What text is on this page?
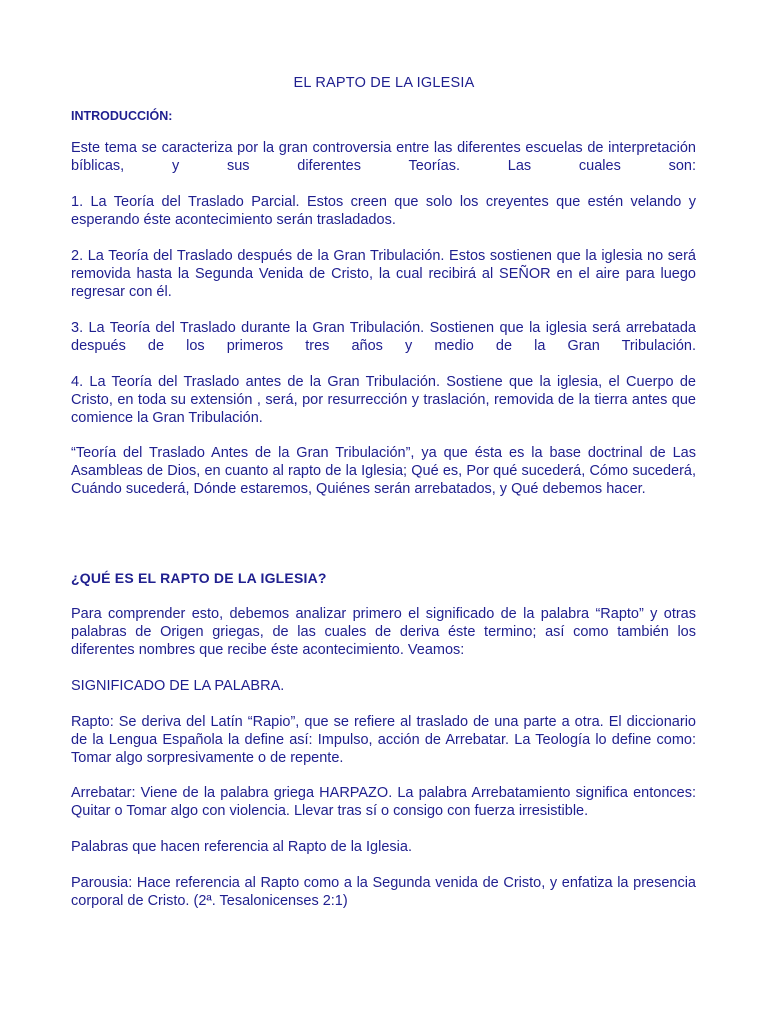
EL RAPTO DE LA IGLESIA
INTRODUCCIÓN:
Este tema se caracteriza por la gran controversia entre las diferentes escuelas de interpretación bíblicas, y sus diferentes Teorías. Las cuales son:
1. La Teoría del Traslado Parcial. Estos creen que solo los creyentes que estén velando y esperando éste acontecimiento serán trasladados.
2. La Teoría del Traslado después de la Gran Tribulación. Estos sostienen que la iglesia no será removida hasta la Segunda Venida de Cristo, la cual recibirá al SEÑOR en el aire para luego regresar con él.
3. La Teoría del Traslado durante la Gran Tribulación. Sostienen que la iglesia será arrebatada después de los primeros tres años y medio de la Gran Tribulación.
4. La Teoría del Traslado antes de la Gran Tribulación. Sostiene que la iglesia, el Cuerpo de Cristo, en toda su extensión , será, por resurrección y traslación, removida de la tierra antes que comience la Gran Tribulación.
“Teoría del Traslado Antes de la Gran Tribulación”, ya que ésta es la base doctrinal de Las Asambleas de Dios, en cuanto al rapto de la Iglesia; Qué es, Por qué sucederá, Cómo sucederá, Cuándo sucederá, Dónde estaremos, Quiénes serán arrebatados, y Qué debemos hacer.
¿QUÉ ES EL RAPTO DE LA IGLESIA?
Para comprender esto, debemos analizar primero el significado de la palabra “Rapto” y otras palabras de Origen griegas, de las cuales de deriva éste termino; así como también los diferentes nombres que recibe éste acontecimiento. Veamos:
SIGNIFICADO DE LA PALABRA.
Rapto: Se deriva del Latín “Rapio”, que se refiere al traslado de una parte a otra. El diccionario de la Lengua Española la define así: Impulso, acción de Arrebatar. La Teología lo define como: Tomar algo sorpresivamente o de repente.
Arrebatar: Viene de la palabra griega HARPAZO. La palabra Arrebatamiento significa entonces: Quitar o Tomar algo con violencia. Llevar tras sí o consigo con fuerza irresistible.
Palabras que hacen referencia al Rapto de la Iglesia.
Parousia: Hace referencia al Rapto como a la Segunda venida de Cristo, y enfatiza la presencia corporal de Cristo. (2ª. Tesalonicenses 2:1)
